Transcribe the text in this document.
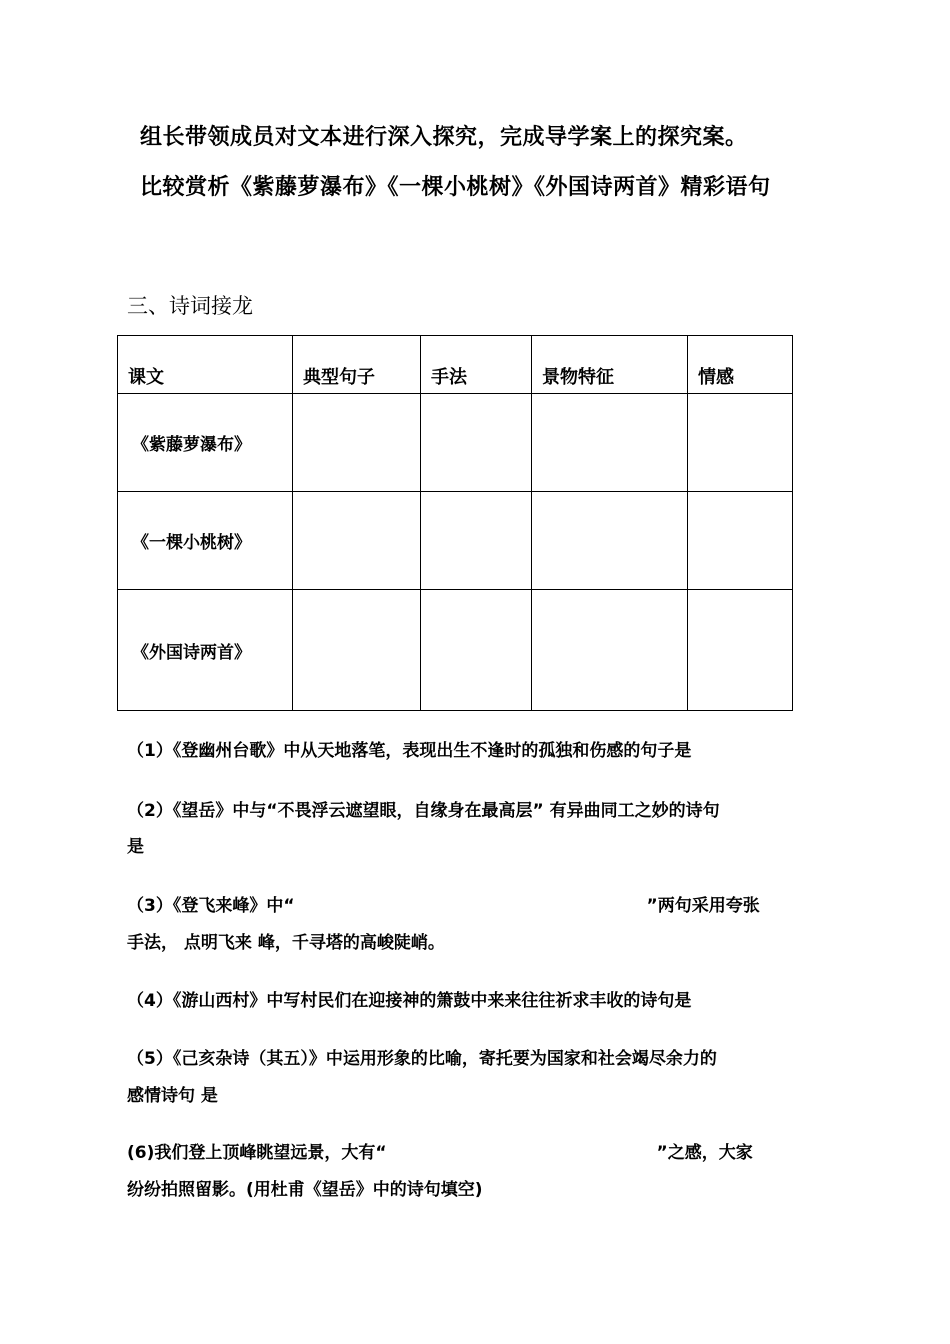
组长带领成员对文本进行深入探究，完成导学案上的探究案。
比较赏析《紫藤萝瀑布》《一棵小桃树》《外国诗两首》精彩语句
三、诗词接龙
课文	典型句子	手法	景物特征	情感
《紫藤萝瀑布》				
《一棵小桃树》				
《外国诗两首》				
（1）《登幽州台歌》中从天地落笔，表现出生不逢时的孤独和伤感的句子是
（2）《望岳》中与“不畏浮云遮望眼，自缘身在最高层” 有异曲同工之妙的诗句
是
（3）《登飞来峰》中“	”两句采用夸张
手法， 点明飞来 峰，千寻塔的高峻陡峭。
（4）《游山西村》中写村民们在迎接神的箫鼓中来来往往祈求丰收的诗句是
（5）《己亥杂诗（其五）》中运用形象的比喻，寄托要为国家和社会竭尽余力的
感情诗句 是
(6)我们登上顶峰眺望远景，大有“	”之感，大家
纷纷拍照留影。(用杜甫《望岳》中的诗句填空)
